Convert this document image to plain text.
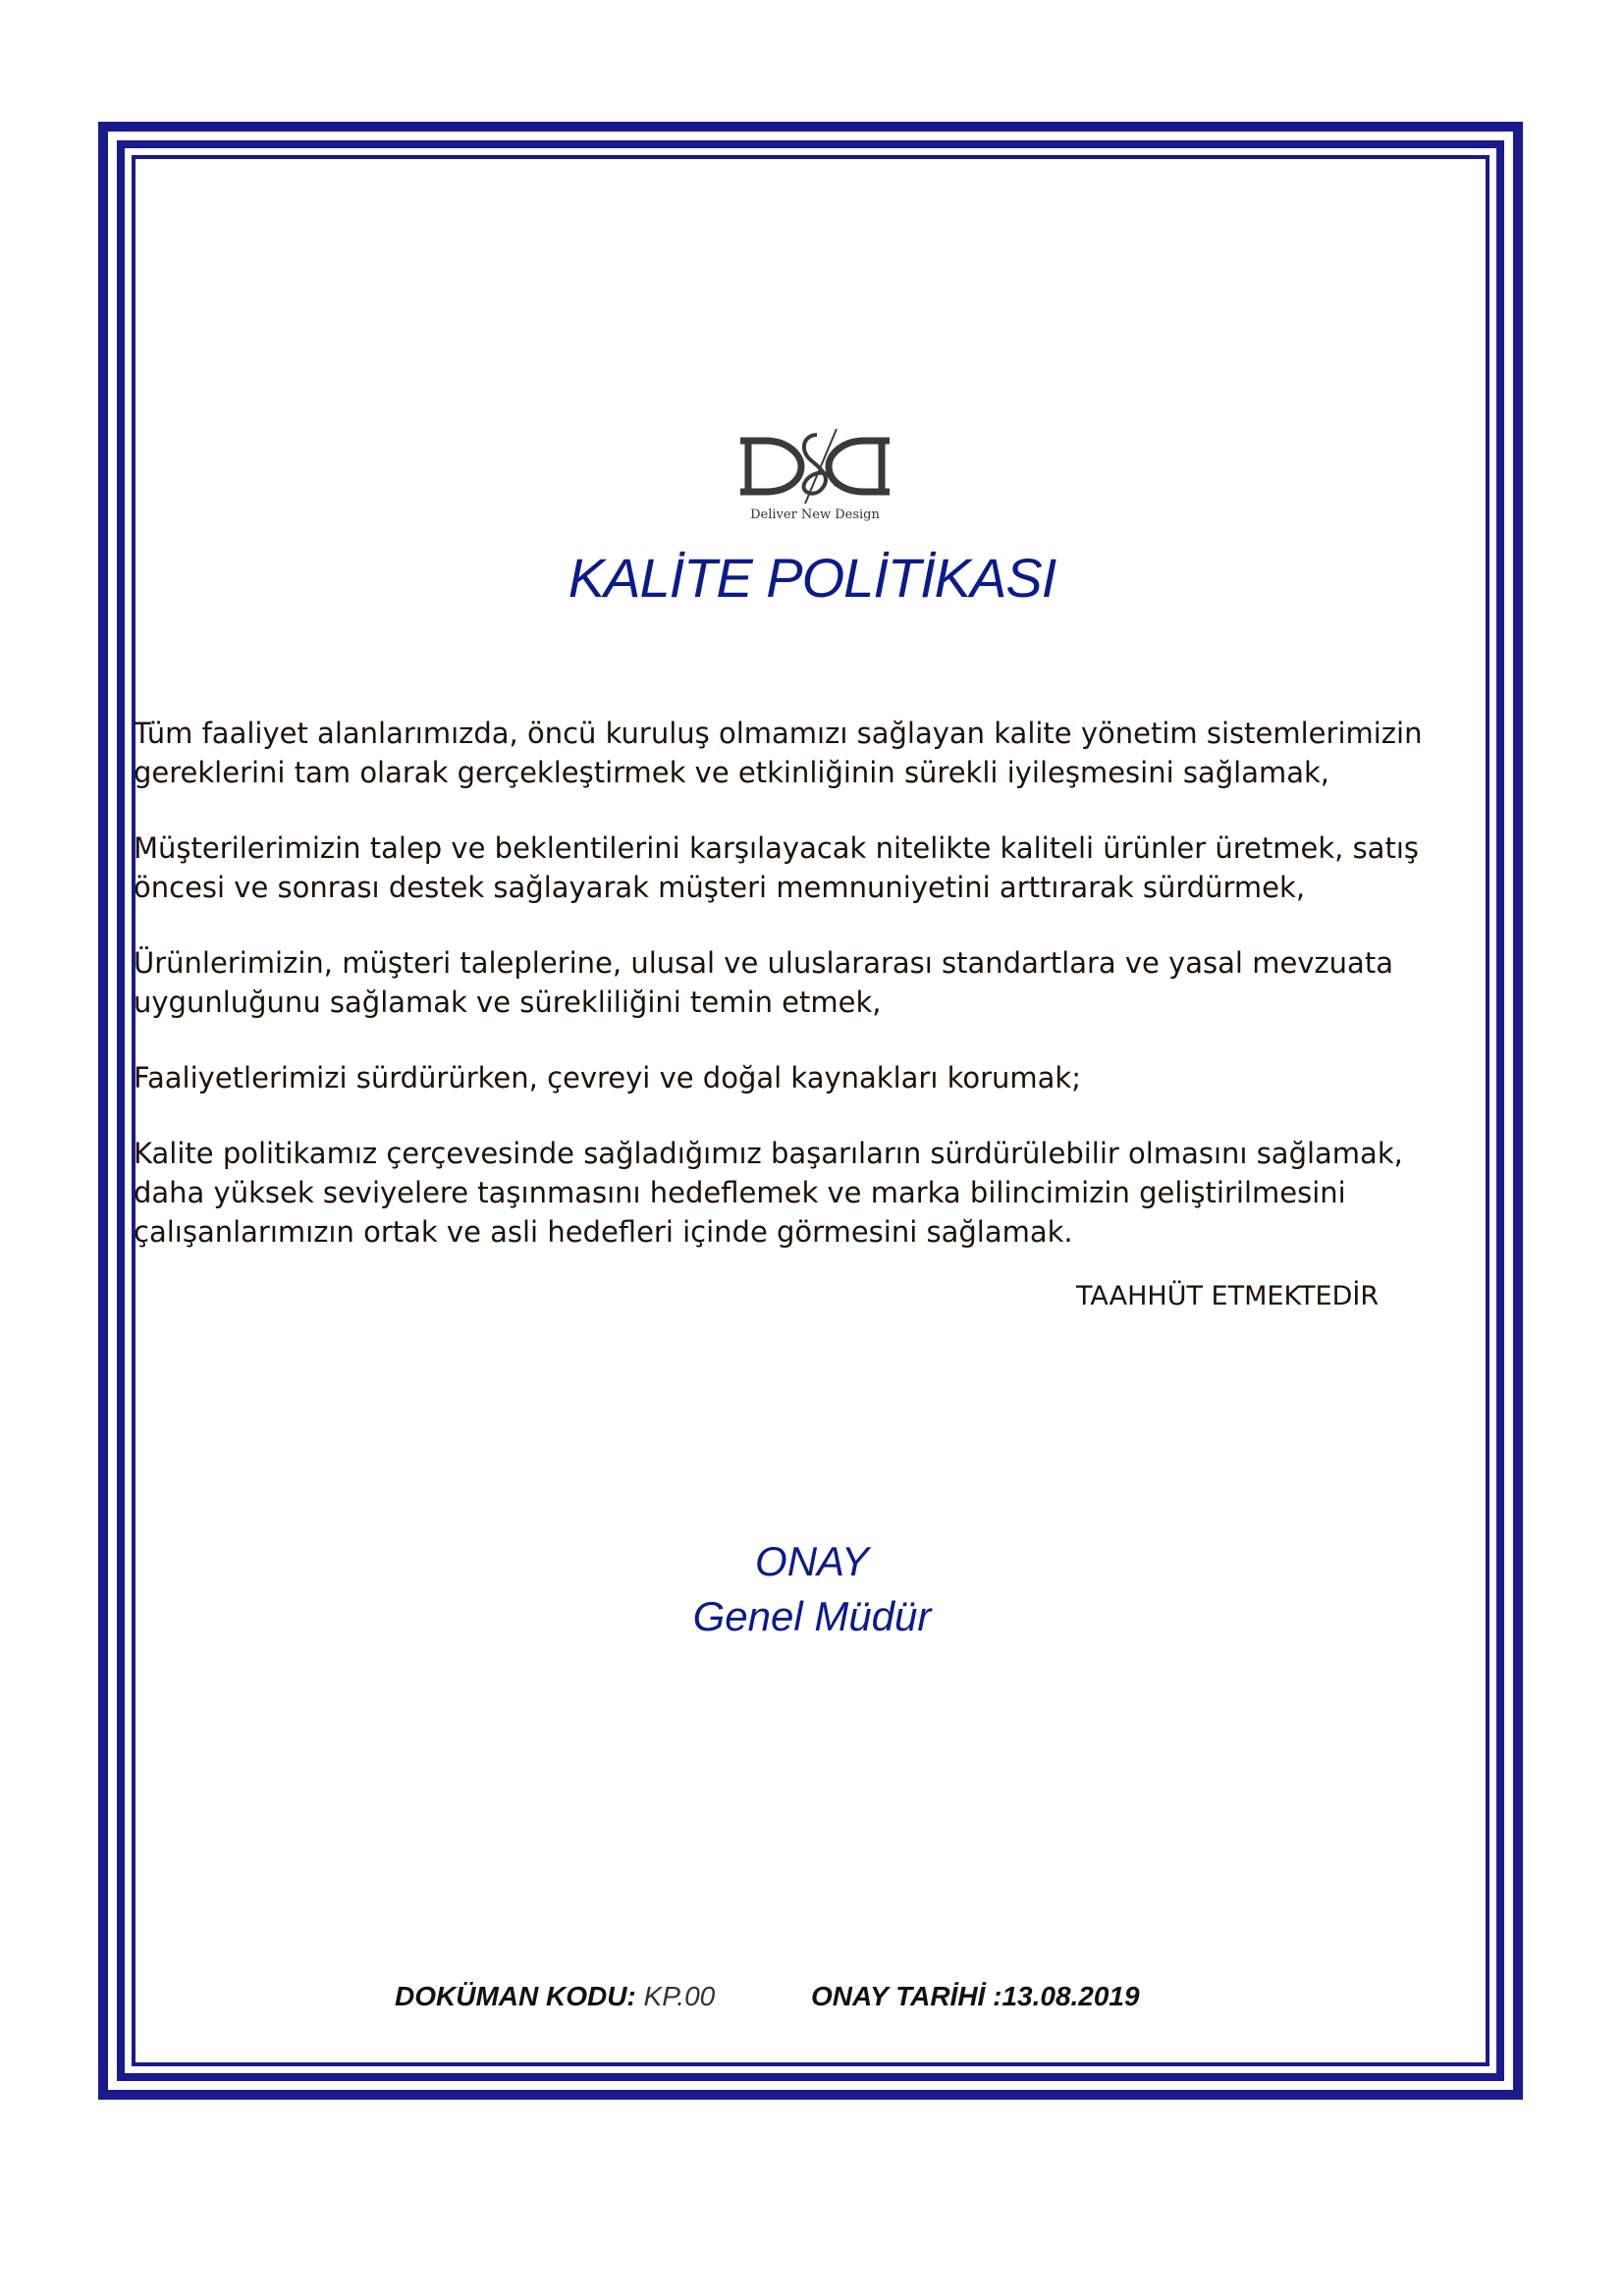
Deliver New Design
KALİTE POLİTİKASI

Tüm faaliyet alanlarımızda, öncü kuruluş olmamızı sağlayan kalite yönetim sistemlerimizin
gereklerini tam olarak gerçekleştirmek ve etkinliğinin sürekli iyileşmesini sağlamak,

Müşterilerimizin talep ve beklentilerini karşılayacak nitelikte kaliteli ürünler üretmek, satış
öncesi ve sonrası destek sağlayarak müşteri memnuniyetini arttırarak sürdürmek,

Ürünlerimizin, müşteri taleplerine, ulusal ve uluslararası standartlara ve yasal mevzuata
uygunluğunu sağlamak ve sürekliliğini temin etmek,

Faaliyetlerimizi sürdürürken, çevreyi ve doğal kaynakları korumak;

Kalite politikamız çerçevesinde sağladığımız başarıların sürdürülebilir olmasını sağlamak,
daha yüksek seviyelere taşınmasını hedeflemek ve marka bilincimizin geliştirilmesini
çalışanlarımızın ortak ve asli hedefleri içinde görmesini sağlamak.

TAAHHÜT ETMEKTEDİR
ONAY
Genel Müdür
DOKÜMAN KODU: KP.00	ONAY TARİHİ :13.08.2019
